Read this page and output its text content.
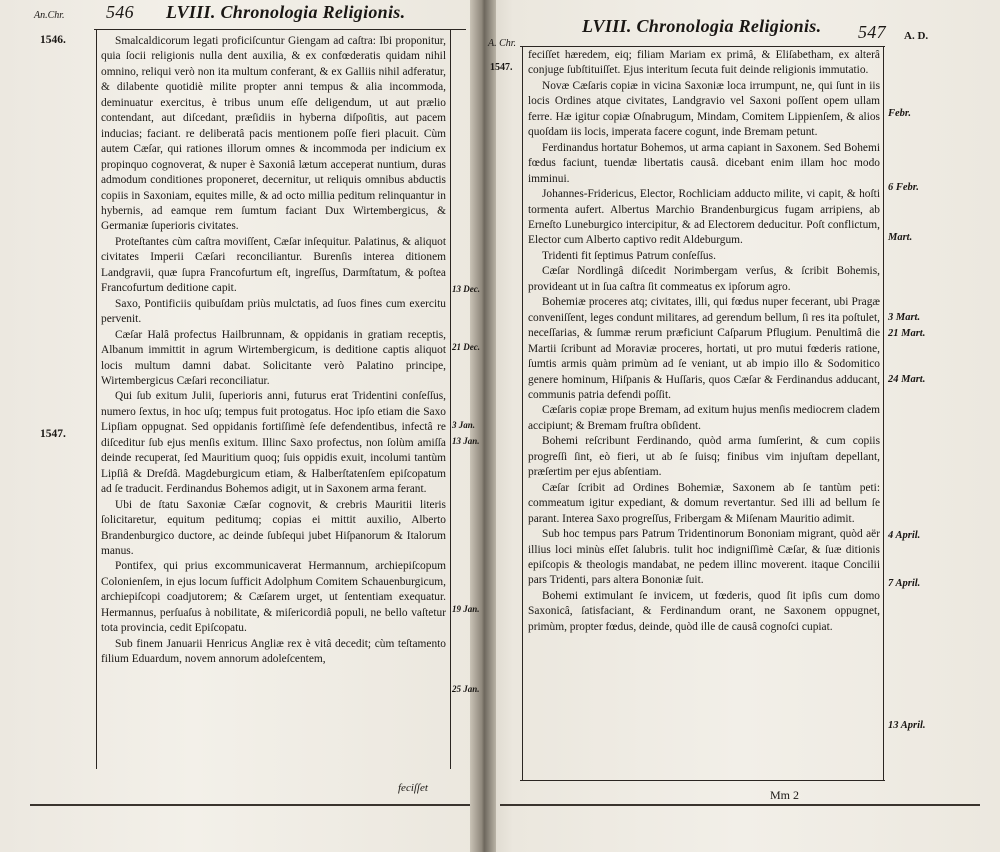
An.Chr. 546 LVIII. Chronologia Religionis.
1546.
1547.

Smalcaldicorum legati proficiſcuntur Giengam ad caſtra: Ibi proponitur, quia ſocii religionis nulla dent auxilia, & ex confœderatis quidam nihil omnino, reliqui verò non ita multum conferant, & ex Galliis nihil adferatur, & dilabente quotidiè milite propter anni tempus & alia incommoda, deminuatur exercitus, è tribus unum eſſe deligendum, ut aut prælio contendant, aut diſcedant, præſidiis in hyberna diſpoſitis, aut pacem inducias; faciant. re deliberatâ pacis mentionem poſſe fieri placuit. Cùm autem Cæſar, qui rationes illorum omnes & incommoda per indicium ex propinquo cognoverat, & nuper è Saxoniâ lætum acceperat nuntium, duras admodum conditiones proponeret, decernitur, ut reliquis omnibus abductis copiis in Saxoniam, equites mille, & ad octo millia peditum relinquantur in hybernis, ad eamque rem ſumtum faciant Dux Wirtembergicus, & Germaniæ ſuperioris civitates.

Proteſtantes cùm caſtra moviſſent, Cæſar inſequitur. Palatinus, & aliquot civitates Imperii Cæſari reconciliantur. Burenſis interea ditionem Landgravii, quæ ſupra Francofurtum eſt, ingreſſus, Darmſtatum, & poſtea Francofurtum deditione capit.

Saxo, Pontificiis quibuſdam priùs mulctatis, ad ſuos fines cum exercitu pervenit.

Cæſar Halâ profectus Hailbrunnam, & oppidanis in gratiam receptis, Albanum immittit in agrum Wirtembergicum, is deditione captis aliquot locis multum damni dabat. Solicitante verò Palatino principe, Wirtembergicus Cæſari reconciliatur.

Qui ſub exitum Julii, ſuperioris anni, futurus erat Tridentini conſeſſus, numero ſextus, in hoc uſq; tempus fuit protogatus. Hoc ipſo etiam die Saxo Lipſiam oppugnat. Sed oppidanis fortiſſimè ſeſe defendentibus, infectâ re diſceditur ſub ejus menſis exitum. Illinc Saxo profectus, non ſolùm amiſſa deinde recuperat, ſed Mauritium quoq; ſuis oppidis exuit, incolumi tantùm Lipſiâ & Dreſdâ. Magdeburgicum etiam, & Halberſtatenſem epiſcopatum ad ſe traducit. Ferdinandus Bohemos adigit, ut in Saxonem arma ferant.

Ubi de ſtatu Saxoniæ Cæſar cognovit, & crebris Mauritii literis ſolicitaretur, equitum peditumq; copias ei mittit auxilio, Alberto Brandenburgico ductore, ac deinde ſubſequi jubet Hiſpanorum & Italorum manus.

Pontifex, qui prius excommunicaverat Hermannum, archiepiſcopum Colonienſem, in ejus locum ſufficit Adolphum Comitem Schauenburgicum, archiepiſcopi coadjutorem; & Cæſarem urget, ut ſententiam exequatur. Hermannus, perſuaſus à nobilitate, & miſericordiâ populi, ne bello vaſtetur tota provincia, cedit Epiſcopatu.

Sub finem Januarii Henricus Angliæ rex è vitâ decedit; cùm teſtamento filium Eduardum, novem annorum adoleſcentem,

13 Dec.
21 Dec.
3 Jan.
13 Jan.
19 Jan.
25 Jan.
feciſſet
A. Chr.
LVIII. Chronologia Religionis. 547 A. D.
1547.

feciſſet hæredem, eiq; filiam Mariam ex primâ, & Eliſabetham, ex alterâ conjuge ſubſtituiſſet. Ejus interitum ſecuta fuit deinde religionis immutatio.

Novæ Cæſaris copiæ in vicina Saxoniæ loca irrumpunt, ne, qui ſunt in iis locis Ordines atque civitates, Landgravio vel Saxoni poſſent opem ullam ferre. Hæ igitur copiæ Oſnabrugum, Mindam, Comitem Lippienſem, & alios quoſdam iis locis, imperata facere cogunt, inde Bremam petunt.

Ferdinandus hortatur Bohemos, ut arma capiant in Saxonem. Sed Bohemi fœdus faciunt, tuendæ libertatis causâ. dicebant enim illam hoc modo imminui.

Johannes-Fridericus, Elector, Rochliciam adducto milite, vi capit, & hoſti tormenta aufert. Albertus Marchio Brandenburgicus fugam arripiens, ab Erneſto Luneburgico intercipitur, & ad Electorem deducitur. Poſt conflictum, Elector cum Alberto captivo redit Aldeburgum.

Tridenti fit ſeptimus Patrum conſeſſus.

Cæſar Nordlingâ diſcedit Norimbergam verſus, & ſcribit Bohemis, provideant ut in ſua caſtra ſit commeatus ex ipſorum agro.

Bohemiæ proceres atq; civitates, illi, qui fœdus nuper fecerant, ubi Pragæ conveniſſent, leges condunt militares, ad gerendum bellum, ſi res ita poſtulet, neceſſarias, & ſummæ rerum præficiunt Caſparum Pflugium. Penultimâ die Martii ſcribunt ad Moraviæ proceres, hortati, ut pro mutui fœderis ratione, ſumtis armis quàm primùm ad ſe veniant, ut ab impio illo & Sodomitico genere hominum, Hiſpanis & Huſſaris, quos Cæſar & Ferdinandus adducant, communis patria defendi poſſit.

Cæſaris copiæ prope Bremam, ad exitum hujus menſis mediocrem cladem accipiunt; & Bremam fruſtra obſident.

Bohemi reſcribunt Ferdinando, quòd arma ſumſerint, & cum copiis progreſſi ſint, eò fieri, ut ab ſe ſuisq; finibus vim injuſtam depellant, præſertim per ejus abſentiam.

Cæſar ſcribit ad Ordines Bohemiæ, Saxonem ab ſe tantùm peti: commeatum igitur expediant, & domum revertantur. Sed illi ad bellum ſe parant. Interea Saxo progreſſus, Fribergam & Miſenam Mauritio adimit.

Sub hoc tempus pars Patrum Tridentinorum Bononiam migrant, quòd aër illius loci minùs eſſet ſalubris. tulit hoc indigniſſimè Cæſar, & ſuæ ditionis epiſcopis & theologis mandabat, ne pedem illinc moverent. itaque Concilii pars Tridenti, pars altera Bononiæ ſuit.

Bohemi extimulant ſe invicem, ut fœderis, quod ſit ipſis cum domo Saxonicâ, ſatisfaciant, & Ferdinandum orant, ne Saxonem oppugnet, primùm, propter fœdus, deinde, quòd ille de causâ cognoſci cupiat.

Febr.
6 Febr.
Mart.
3 Mart.
21 Mart.
24 Mart.
4 April.
7 April.
13 April.
Mm 2
